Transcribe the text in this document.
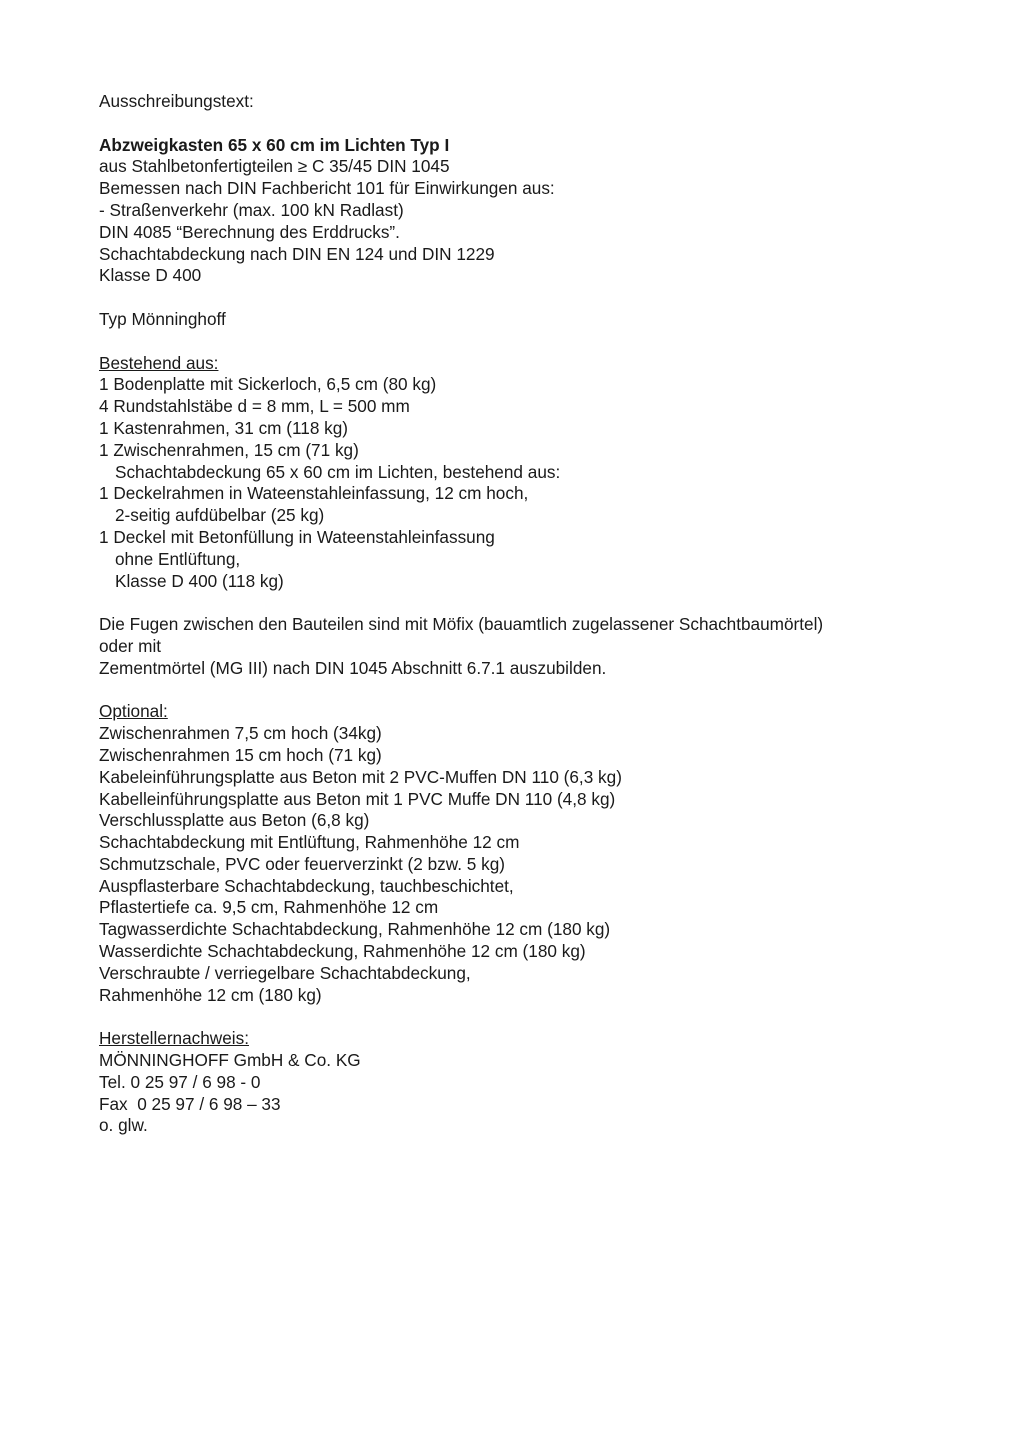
Ausschreibungstext:
Abzweigkasten 65 x 60 cm im Lichten Typ I
aus Stahlbetonfertigteilen ≥ C 35/45 DIN 1045
Bemessen nach DIN Fachbericht 101 für Einwirkungen aus:
- Straßenverkehr (max. 100 kN Radlast)
DIN 4085 “Berechnung des Erddrucks”.
Schachtabdeckung nach DIN EN 124 und DIN 1229
Klasse D 400
Typ Mönninghoff
Bestehend aus:
1 Bodenplatte mit Sickerloch, 6,5 cm (80 kg)
4 Rundstahlstäbe d = 8 mm, L = 500 mm
1 Kastenrahmen, 31 cm (118 kg)
1 Zwischenrahmen, 15 cm (71 kg)
Schachtabdeckung 65 x 60 cm im Lichten, bestehend aus:
1 Deckelrahmen in Wateenstahleinfassung, 12 cm hoch,
2-seitig aufdübelbar (25 kg)
1 Deckel mit Betonfüllung in Wateenstahleinfassung
ohne Entlüftung,
Klasse D 400 (118 kg)
Die Fugen zwischen den Bauteilen sind mit Möfix (bauamtlich zugelassener Schachtbaumörtel)
oder mit
Zementmörtel (MG III) nach DIN 1045 Abschnitt 6.7.1 auszubilden.
Optional:
Zwischenrahmen 7,5 cm hoch (34kg)
Zwischenrahmen 15 cm hoch (71 kg)
Kabeleinführungsplatte aus Beton mit 2 PVC-Muffen DN 110 (6,3 kg)
Kabelleinführungsplatte aus Beton mit 1 PVC Muffe DN 110 (4,8 kg)
Verschlussplatte aus Beton (6,8 kg)
Schachtabdeckung mit Entlüftung, Rahmenhöhe 12 cm
Schmutzschale, PVC oder feuerverzinkt (2 bzw. 5 kg)
Auspflasterbare Schachtabdeckung, tauchbeschichtet,
Pflastertiefe ca. 9,5 cm, Rahmenhöhe 12 cm
Tagwasserdichte Schachtabdeckung, Rahmenhöhe 12 cm (180 kg)
Wasserdichte Schachtabdeckung, Rahmenhöhe 12 cm (180 kg)
Verschraubte / verriegelbare Schachtabdeckung,
Rahmenhöhe 12 cm (180 kg)
Herstellernachweis:
MÖNNINGHOFF GmbH & Co. KG
Tel. 0 25 97 / 6 98 - 0
Fax  0 25 97 / 6 98 – 33
o. glw.
